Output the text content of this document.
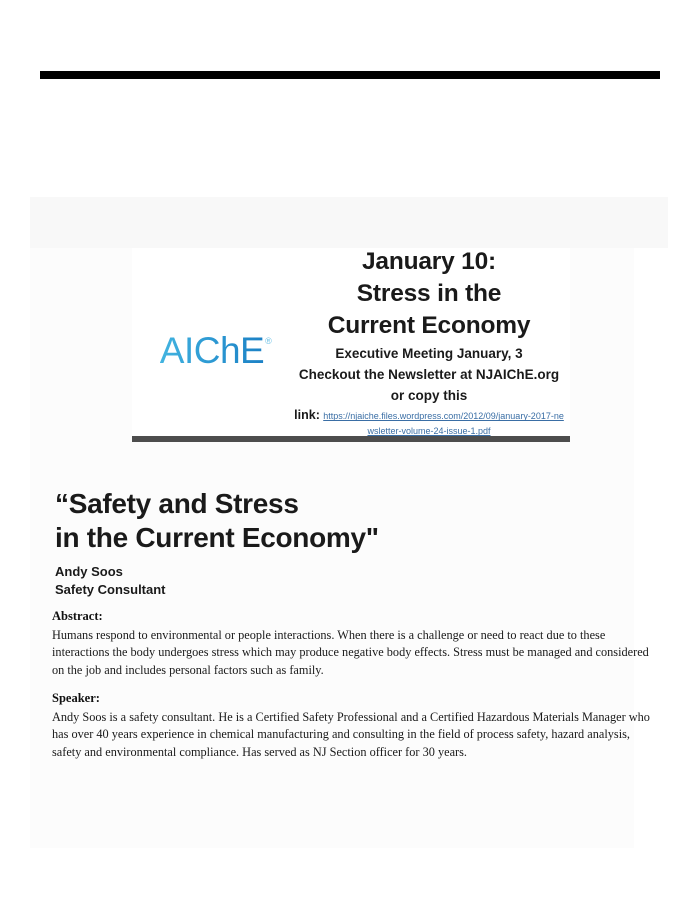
AIChE ®
January 10:
Stress in the
Current Economy
Executive Meeting January, 3
Checkout the Newsletter at NJAIChE.org
or copy this
link: https://njaiche.files.wordpress.com/2012/09/january-2017-newsletter-volume-24-issue-1.pdf
“Safety and Stress
in the Current Economy"
Andy Soos
Safety Consultant
Abstract:
Humans respond to environmental or people interactions. When there is a challenge or need to react due to these interactions the body undergoes stress which may produce negative body effects. Stress must be managed and considered on the job and includes personal factors such as family.
Speaker:
Andy Soos is a safety consultant. He is a Certified Safety Professional and a Certified Hazardous Materials Manager who has over 40 years experience in chemical manufacturing and consulting in the field of process safety, hazard analysis, safety and environmental compliance. Has served as NJ Section officer for 30 years.
